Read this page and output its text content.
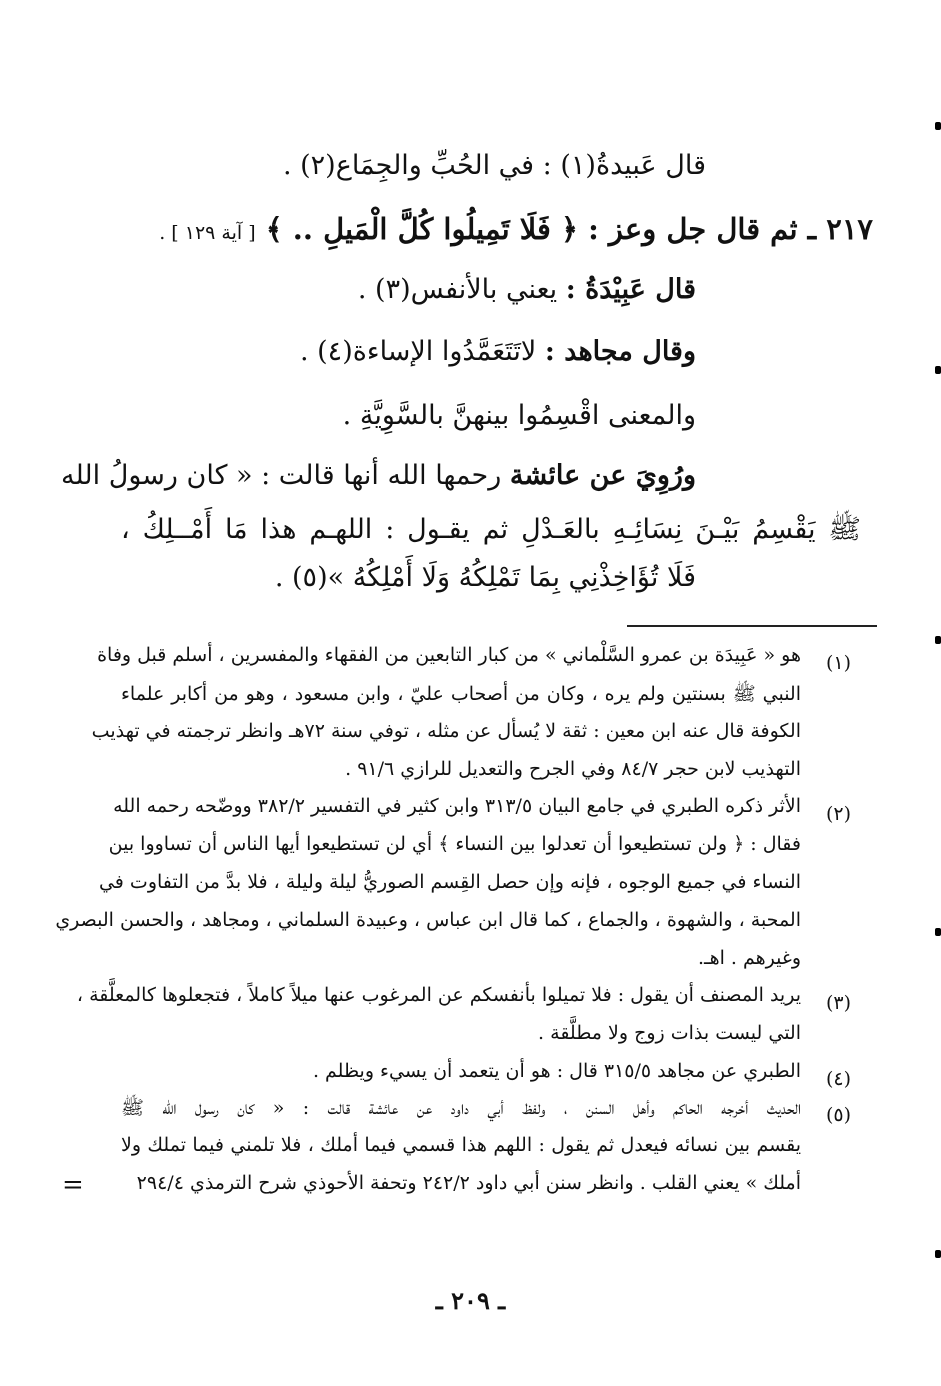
قال عَبيدةُ(١) : في الحُبِّ والجِمَاع(٢) .
٢١٧ ـ ثم قال جل وعز : ﴿ فَلَا تَمِيلُوا كُلَّ الْمَيلِ .. ﴾ [ آية ١٢٩ ] .
قال عَبِيْدَةُ : يعني بالأنفس(٣) .
وقال مجاهد : لاتَتَعَمَّدُوا الإساءة(٤) .
والمعنى اقْسِمُوا بينهنَّ بالسَّوِيَّةِ .
ورُوِيَ عن عائشة رحمها الله أنها قالت : « كان رسولُ الله
ﷺ يَقْسِمُ بَيْـنَ نِسَائِـهِ بالعَـدْلِ ثم يقـول : اللهـم هذا مَا أَمْــلِكُ ،
فَلَا تُؤَاخِذْنِي بِمَا تَمْلِكُهُ وَلَا أَمْلِكُهُ »(٥) .
(١)
هو « عَبِيدَة بن عمرو السَّلْماني » من كبار التابعين من الفقهاء والمفسرين ، أسلم قبل وفاة
النبي ﷺ بسنتين ولم يره ، وكان من أصحاب عليّ ، وابن مسعود ، وهو من أكابر علماء
الكوفة قال عنه ابن معين : ثقة لا يُسأل عن مثله ، توفي سنة ٧٢هـ وانظر ترجمته في تهذيب
التهذيب لابن حجر ٨٤/٧ وفي الجرح والتعديل للرازي ٩١/٦ .
(٢)
الأثر ذكره الطبري في جامع البيان ٣١٣/٥ وابن كثير في التفسير ٣٨٢/٢ ووضّحه رحمه الله
فقال : ﴿ ولن تستطيعوا أن تعدلوا بين النساء ﴾ أي لن تستطيعوا أيها الناس أن تساووا بين
النساء في جميع الوجوه ، فإنه وإن حصل القِسم الصوريُّ ليلة وليلة ، فلا بدَّ من التفاوت في
المحبة ، والشهوة ، والجماع ، كما قال ابن عباس ، وعبيدة السلماني ، ومجاهد ، والحسن البصري
وغيرهم . اهـ.
(٣)
يريد المصنف أن يقول : فلا تميلوا بأنفسكم عن المرغوب عنها ميلاً كاملاً ، فتجعلوها كالمعلَّقة ،
التي ليست بذات زوج ولا مطلَّقة .
(٤)
الطبري عن مجاهد ٣١٥/٥ قال : هو أن يتعمد أن يسيء ويظلم .
(٥)
الحديث أخرجه الحاكم وأهل السنن ، ولفظ أبي داود عن عائشة قالت : « كان رسول الله ﷺ
يقسم بين نسائه فيعدل ثم يقول : اللهم هذا قسمي فيما أملك ، فلا تلمني فيما تملك ولا
أملك » يعني القلب . وانظر سنن أبي داود ٢٤٢/٢ وتحفة الأحوذي شرح الترمذي ٢٩٤/٤
=
ـ ٢٠٩ ـ
